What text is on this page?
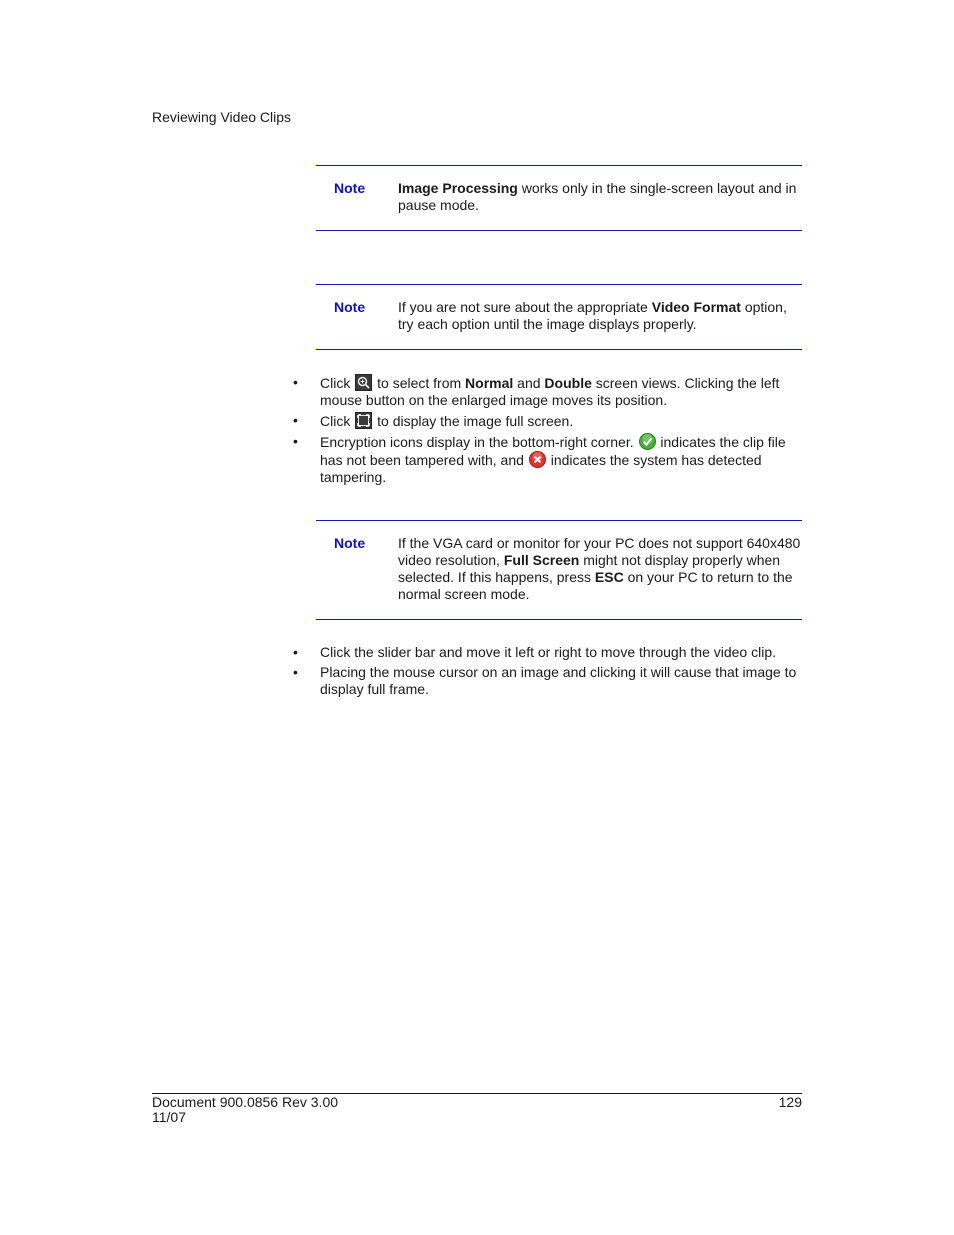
Reviewing Video Clips
Note Image Processing works only in the single-screen layout and in pause mode.
Note If you are not sure about the appropriate Video Format option, try each option until the image displays properly.
• Click  to select from Normal and Double screen views. Clicking the left mouse button on the enlarged image moves its position.
• Click  to display the image full screen.
• Encryption icons display in the bottom-right corner.  indicates the clip file has not been tampered with, and  indicates the system has detected tampering.
Note If the VGA card or monitor for your PC does not support 640x480 video resolution, Full Screen might not display properly when selected. If this happens, press ESC on your PC to return to the normal screen mode.
• Click the slider bar and move it left or right to move through the video clip.
• Placing the mouse cursor on an image and clicking it will cause that image to display full frame.
Document 900.0856 Rev 3.00
11/07
129
